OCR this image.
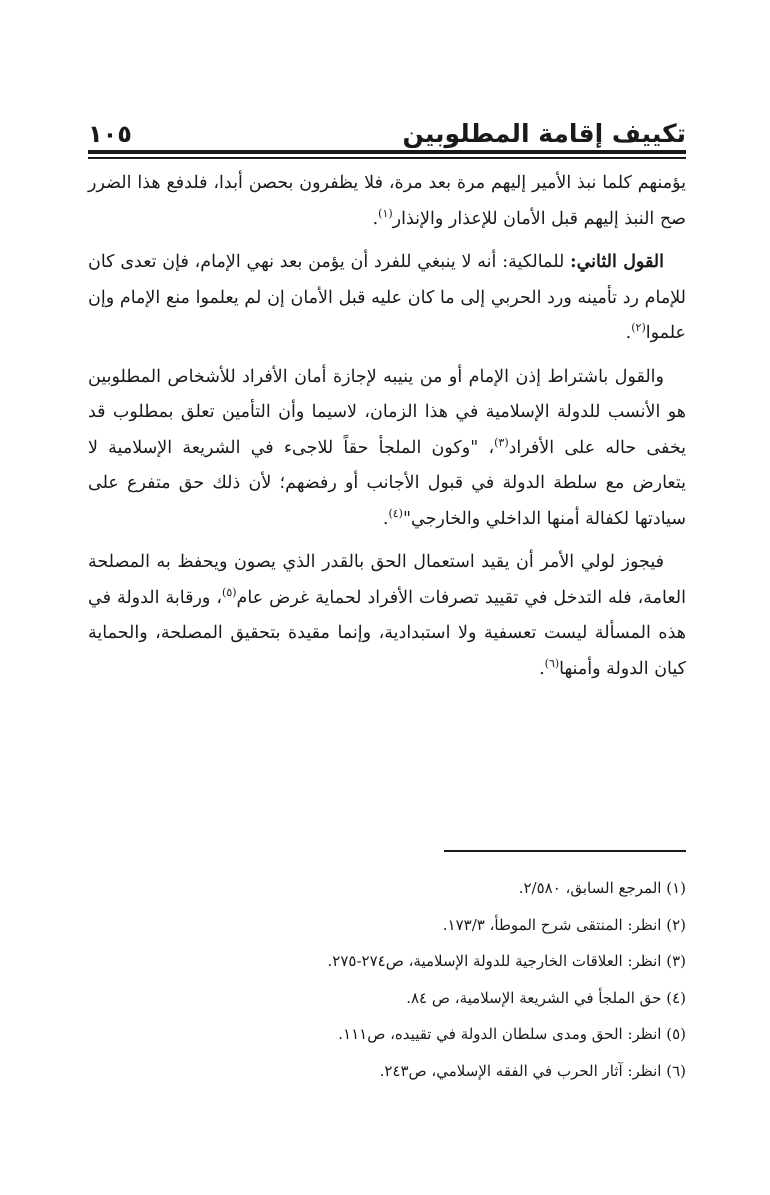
تكييف إقامة المطلوبين
١٠٥

يؤمنهم كلما نبذ الأمير إليهم مرة بعد مرة، فلا يظفرون بحصن أبدا، فلدفع هذا الضرر صح النبذ إليهم قبل الأمان للإعذار والإنذار$^{(١)}$.

القول الثاني: للمالكية: أنه لا ينبغي للفرد أن يؤمن بعد نهي الإمام، فإن تعدى كان للإمام رد تأمينه ورد الحربي إلى ما كان عليه قبل الأمان إن لم يعلموا منع الإمام وإن علموا$^{(٢)}$.

والقول باشتراط إذن الإمام أو من ينيبه لإجازة أمان الأفراد للأشخاص المطلوبين هو الأنسب للدولة الإسلامية في هذا الزمان، لاسيما وأن التأمين تعلق بمطلوب قد يخفى حاله على الأفراد$^{(٣)}$، "وكون الملجأ حقاً للاجىء في الشريعة الإسلامية لا يتعارض مع سلطة الدولة في قبول الأجانب أو رفضهم؛ لأن ذلك حق متفرع على سيادتها لكفالة أمنها الداخلي والخارجي"$^{(٤)}$.

فيجوز لولي الأمر أن يقيد استعمال الحق بالقدر الذي يصون ويحفظ به المصلحة العامة، فله التدخل في تقييد تصرفات الأفراد لحماية غرض عام$^{(٥)}$، ورقابة الدولة في هذه المسألة ليست تعسفية ولا استبدادية، وإنما مقيدة بتحقيق المصلحة، والحماية كيان الدولة وأمنها$^{(٦)}$.

(١) المرجع السابق، ٢/٥٨٠.
(٢) انظر: المنتقى شرح الموطأ، ١٧٣/٣.
(٣) انظر: العلاقات الخارجية للدولة الإسلامية، ص٢٧٤-٢٧٥.
(٤) حق الملجأ في الشريعة الإسلامية، ص ٨٤.
(٥) انظر: الحق ومدى سلطان الدولة في تقييده، ص١١١.
(٦) انظر: آثار الحرب في الفقه الإسلامي، ص٢٤٣.
